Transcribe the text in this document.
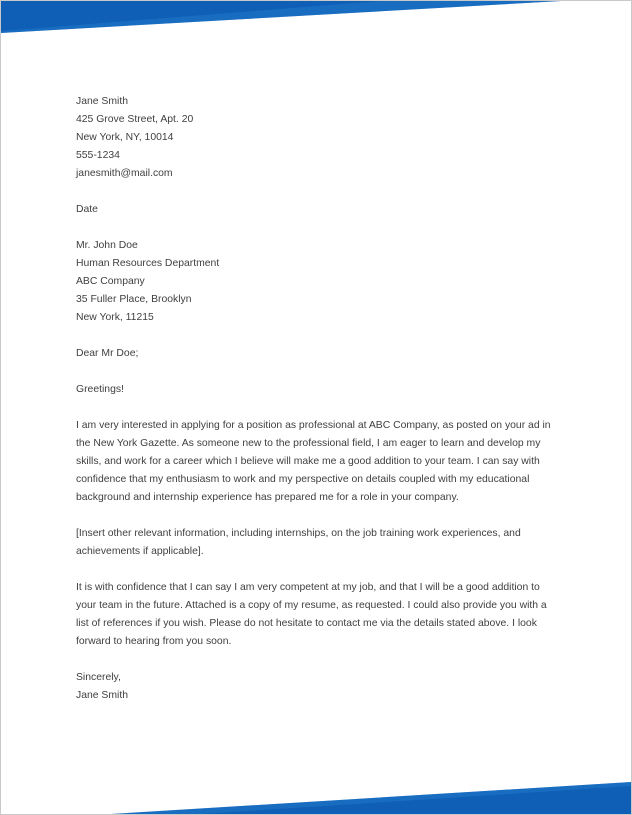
Jane Smith
425 Grove Street, Apt. 20
New York, NY, 10014
555-1234
janesmith@mail.com
Date
Mr. John Doe
Human Resources Department
ABC Company
35 Fuller Place, Brooklyn
New York, 11215
Dear Mr Doe;
Greetings!
I am very interested in applying for a position as professional at ABC Company, as posted on your ad in
the New York Gazette. As someone new to the professional field, I am eager to learn and develop my
skills, and work for a career which I believe will make me a good addition to your team. I can say with
confidence that my enthusiasm to work and my perspective on details coupled with my educational
background and internship experience has prepared me for a role in your company.
[Insert other relevant information, including internships, on the job training work experiences, and
achievements if applicable].
It is with confidence that I can say I am very competent at my job, and that I will be a good addition to
your team in the future. Attached is a copy of my resume, as requested. I could also provide you with a
list of references if you wish. Please do not hesitate to contact me via the details stated above. I look
forward to hearing from you soon.
Sincerely,
Jane Smith
